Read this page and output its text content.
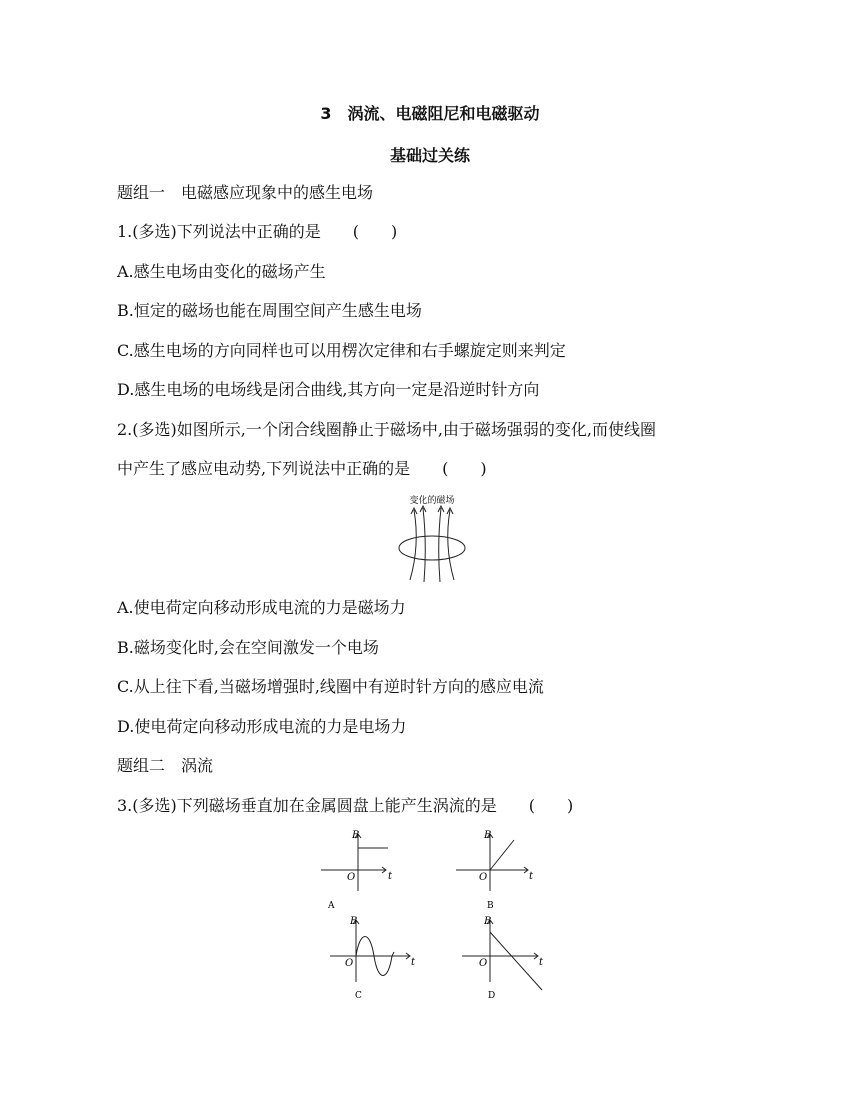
3　涡流、电磁阻尼和电磁驱动
基础过关练
题组一　电磁感应现象中的感生电场
1.(多选)下列说法中正确的是　　(　　)
A.感生电场由变化的磁场产生
B.恒定的磁场也能在周围空间产生感生电场
C.感生电场的方向同样也可以用楞次定律和右手螺旋定则来判定
D.感生电场的电场线是闭合曲线,其方向一定是沿逆时针方向
2.(多选)如图所示,一个闭合线圈静止于磁场中,由于磁场强弱的变化,而使线圈
中产生了感应电动势,下列说法中正确的是　　(　　)
变化的磁场
A.使电荷定向移动形成电流的力是磁场力
B.磁场变化时,会在空间激发一个电场
C.从上往下看,当磁场增强时,线圈中有逆时针方向的感应电流
D.使电荷定向移动形成电流的力是电场力
题组二　涡流
3.(多选)下列磁场垂直加在金属圆盘上能产生涡流的是　　(　　)
B
t
O
A
B
t
O
B
B
t
O
C
B
t
O
D
